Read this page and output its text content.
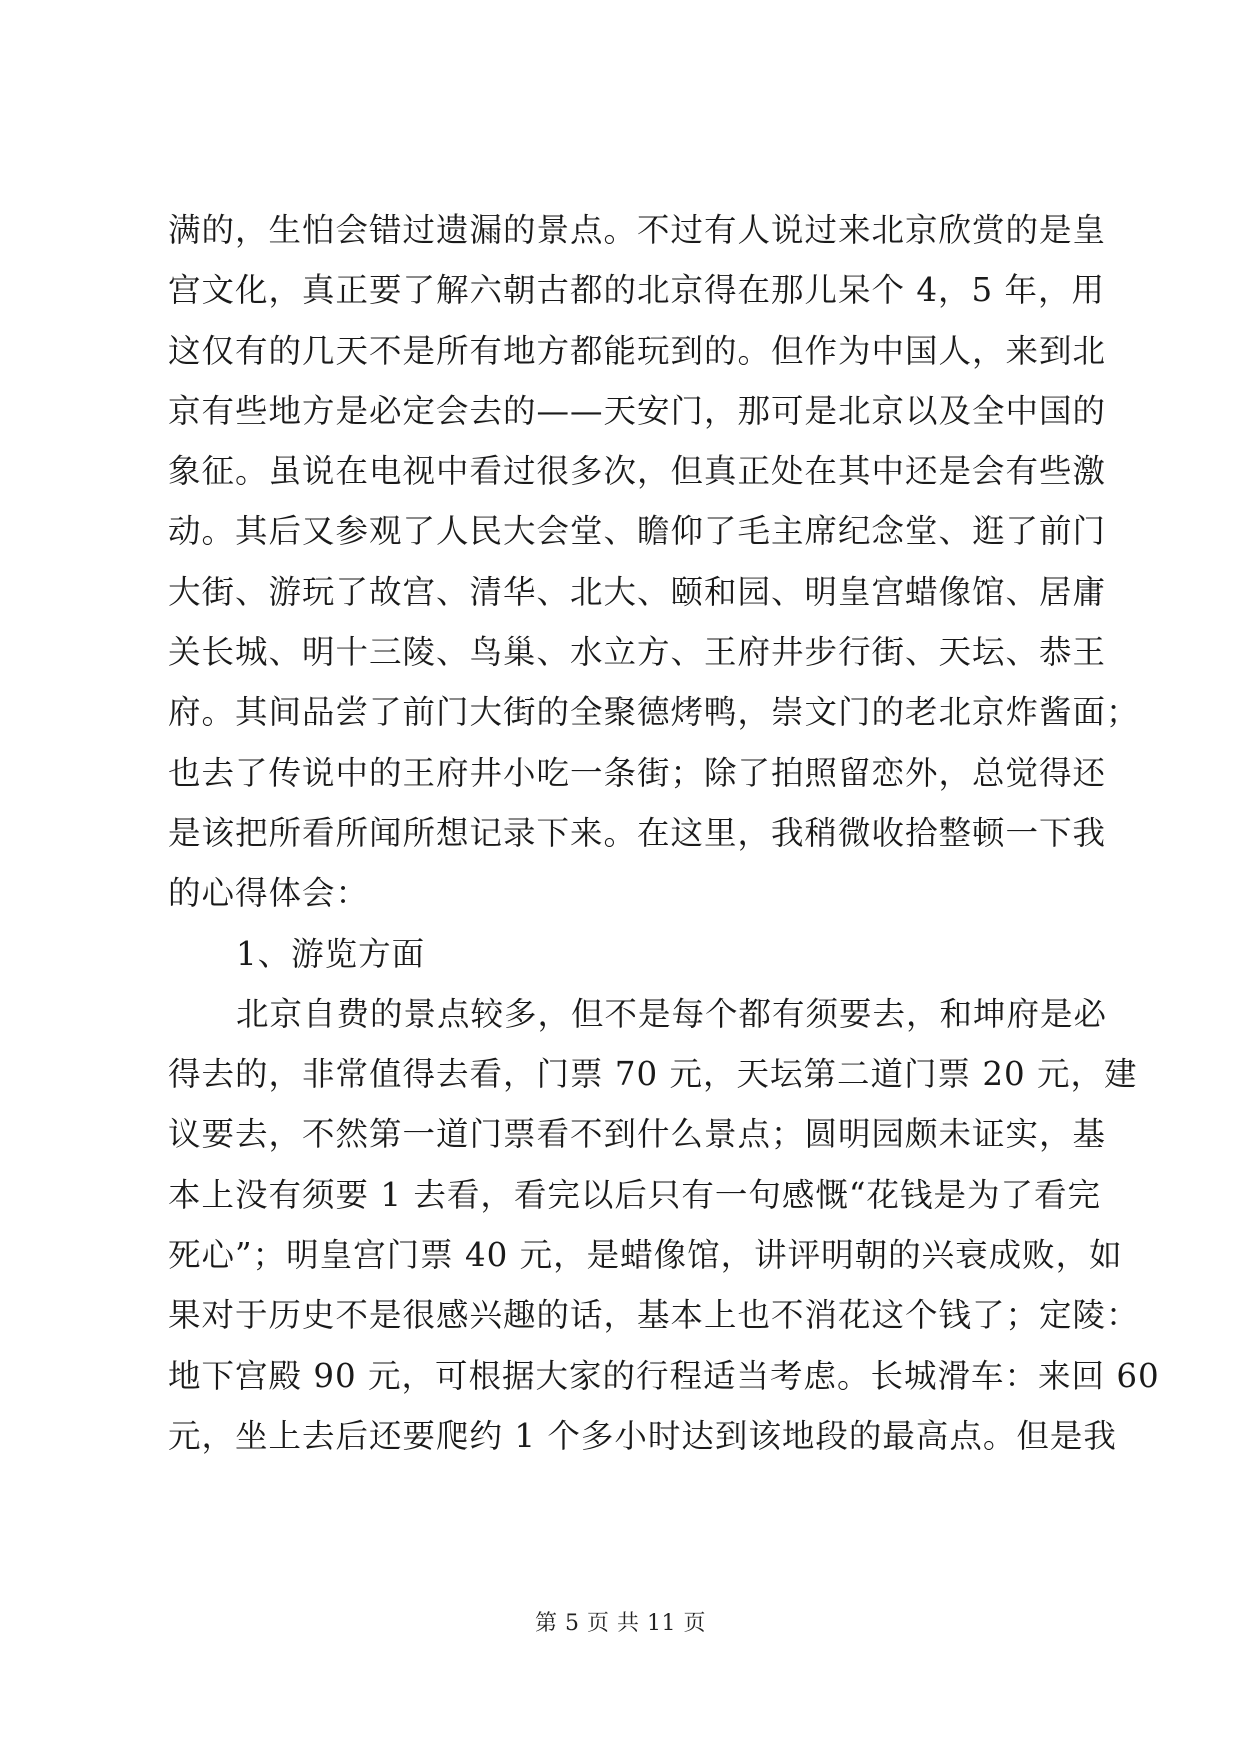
满的，生怕会错过遗漏的景点。不过有人说过来北京欣赏的是皇
宫文化，真正要了解六朝古都的北京得在那儿呆个 4，5 年，用
这仅有的几天不是所有地方都能玩到的。但作为中国人，来到北
京有些地方是必定会去的——天安门，那可是北京以及全中国的
象征。虽说在电视中看过很多次，但真正处在其中还是会有些激
动。其后又参观了人民大会堂、瞻仰了毛主席纪念堂、逛了前门
大街、游玩了故宫、清华、北大、颐和园、明皇宫蜡像馆、居庸
关长城、明十三陵、鸟巢、水立方、王府井步行街、天坛、恭王
府。其间品尝了前门大街的全聚德烤鸭，崇文门的老北京炸酱面；
也去了传说中的王府井小吃一条街；除了拍照留恋外，总觉得还
是该把所看所闻所想记录下来。在这里，我稍微收拾整顿一下我
的心得体会：
1、游览方面
北京自费的景点较多，但不是每个都有须要去，和坤府是必
得去的，非常值得去看，门票 70 元，天坛第二道门票 20 元，建
议要去，不然第一道门票看不到什么景点；圆明园颇未证实，基
本上没有须要 1 去看，看完以后只有一句感慨“花钱是为了看完
死心”；明皇宫门票 40 元，是蜡像馆，讲评明朝的兴衰成败，如
果对于历史不是很感兴趣的话，基本上也不消花这个钱了；定陵：
地下宫殿 90 元，可根据大家的行程适当考虑。长城滑车：来回 60
元，坐上去后还要爬约 1 个多小时达到该地段的最高点。但是我
第 5 页 共 11 页
